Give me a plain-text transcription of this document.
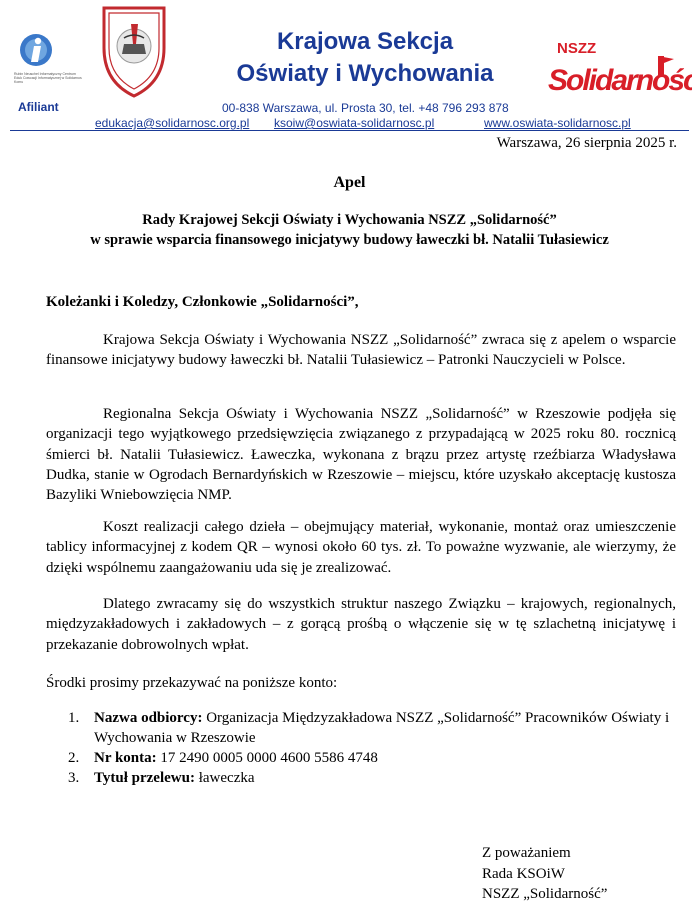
Rubin Neuschel Informatyczny Centrum Eduk Cowcacji Informatycznej w Solidarnos Komu
NSZZ
Solidarność
Krajowa Sekcja
Oświaty i Wychowania
Afiliant	00-838 Warszawa, ul. Prosta 30, tel. +48 796 293 878
edukacja@solidarnosc.org.pl ksoiw@oswiata-solidarnosc.pl	www.oswiata-solidarnosc.pl
Warszawa, 26 sierpnia 2025 r.
Apel
Rady Krajowej Sekcji Oświaty i Wychowania NSZZ „Solidarność”
w sprawie wsparcia finansowego inicjatywy budowy ławeczki bł. Natalii Tułasiewicz
Koleżanki i Koledzy, Członkowie „Solidarności”,

Krajowa Sekcja Oświaty i Wychowania NSZZ „Solidarność” zwraca się z apelem o wsparcie finansowe inicjatywy budowy ławeczki bł. Natalii Tułasiewicz – Patronki Nauczycieli w Polsce.

Regionalna Sekcja Oświaty i Wychowania NSZZ „Solidarność” w Rzeszowie podjęła się organizacji tego wyjątkowego przedsięwzięcia związanego z przypadającą w 2025 roku 80. rocznicą śmierci bł. Natalii Tułasiewicz. Ławeczka, wykonana z brązu przez artystę rzeźbiarza Władysława Dudka, stanie w Ogrodach Bernardyńskich w Rzeszowie – miejscu, które uzyskało akceptację kustosza Bazyliki Wniebowzięcia NMP.

Koszt realizacji całego dzieła – obejmujący materiał, wykonanie, montaż oraz umieszczenie tablicy informacyjnej z kodem QR – wynosi około 60 tys. zł. To poważne wyzwanie, ale wierzymy, że dzięki wspólnemu zaangażowaniu uda się je zrealizować.

Dlatego zwracamy się do wszystkich struktur naszego Związku – krajowych, regionalnych, międzyzakładowych i zakładowych – z gorącą prośbą o włączenie się w tę szlachetną inicjatywę i przekazanie dobrowolnych wpłat.

Środki prosimy przekazywać na poniższe konto:

1. Nazwa odbiorcy: Organizacja Międzyzakładowa NSZZ „Solidarność” Pracowników Oświaty i Wychowania w Rzeszowie
2. Nr konta: 17 2490 0005 0000 4600 5586 4748
3. Tytuł przelewu: ławeczka
Z poważaniem
Rada KSOiW
NSZZ „Solidarność”
